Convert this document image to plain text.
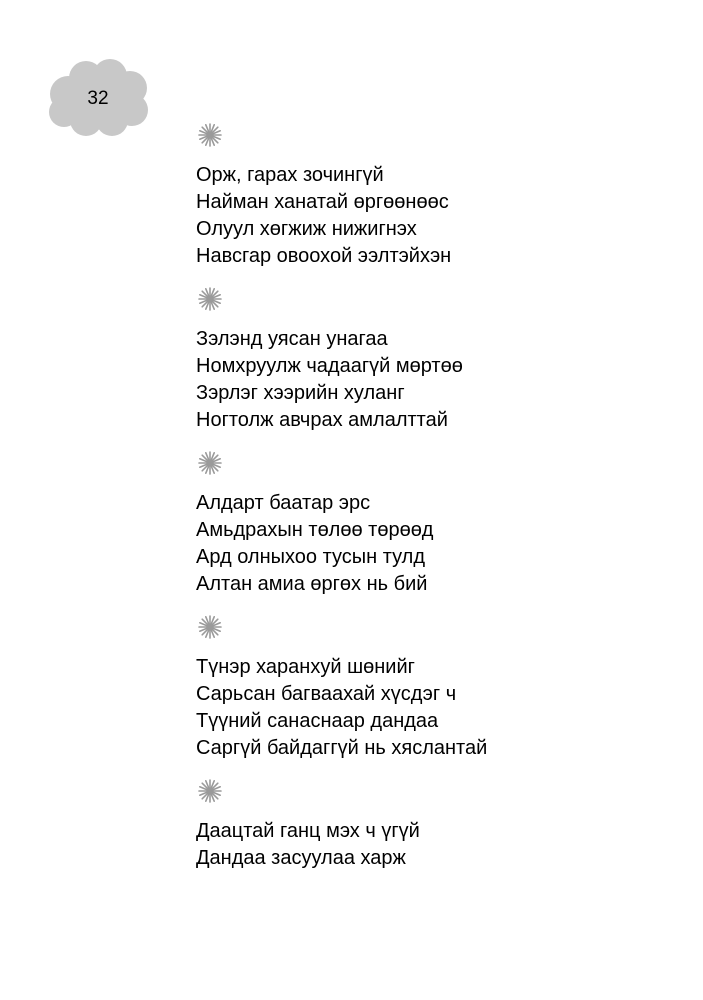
32
Орж, гарах зочингүй
Найман ханатай өргөөнөөс
Олуул хөгжиж нижигнэх
Навсгар овоохой ээлтэйхэн
Зэлэнд уясан унагаа
Номхруулж чадаагүй мөртөө
Зэрлэг хээрийн хуланг
Ногтолж авчрах амлалттай
Алдарт баатар эрс
Амьдрахын төлөө төрөөд
Ард олныхоо тусын тулд
Алтан амиа өргөх нь бий
Түнэр харанхуй шөнийг
Сарьсан багваахай хүсдэг ч
Түүний санаснаар дандаа
Саргүй байдаггүй нь хяслантай
Даацтай ганц мэх ч үгүй
Дандаа засуулаа харж
